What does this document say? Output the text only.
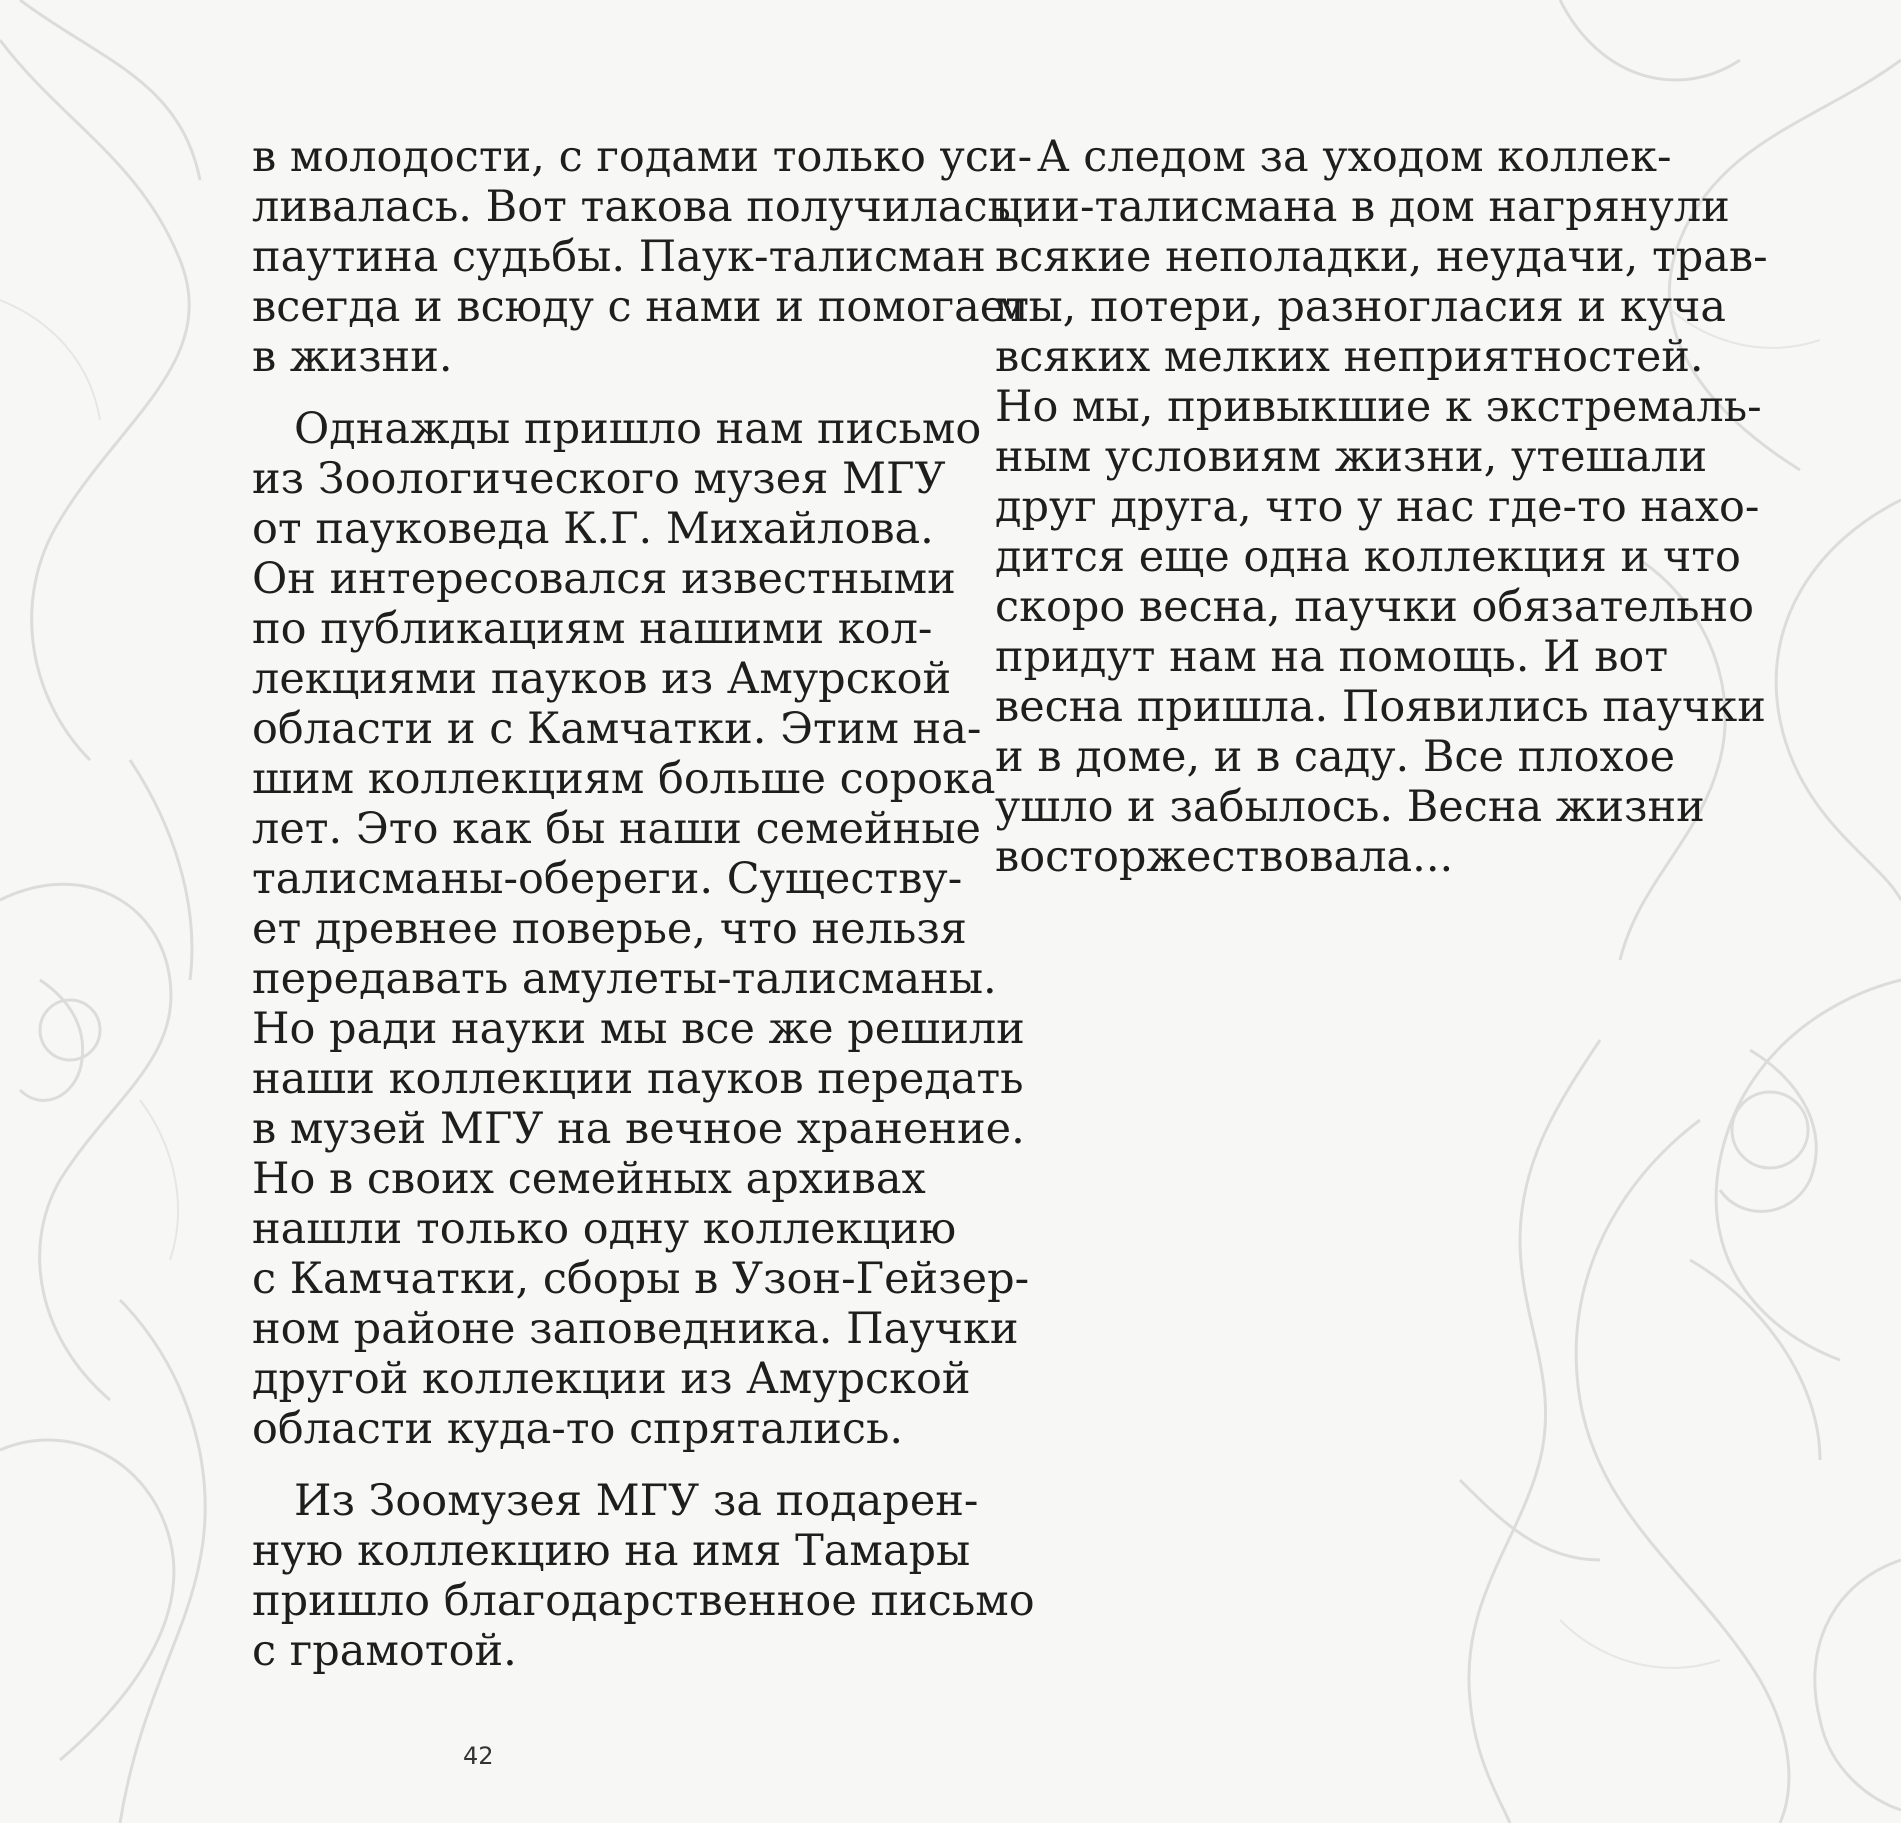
в молодости, с годами только уси-
ливалась. Вот такова получилась
паутина судьбы. Паук-талисман
всегда и всюду с нами и помогает
в жизни.
Однажды пришло нам письмо
из Зоологического музея МГУ
от пауковеда К.Г. Михайлова.
Он интересовался известными
по публикациям нашими кол-
лекциями пауков из Амурской
области и с Камчатки. Этим на-
шим коллекциям больше сорока
лет. Это как бы наши семейные
талисманы-обереги. Существу-
ет древнее поверье, что нельзя
передавать амулеты-талисманы.
Но ради науки мы все же решили
наши коллекции пауков передать
в музей МГУ на вечное хранение.
Но в своих семейных архивах
нашли только одну коллекцию
с Камчатки, сборы в Узон-Гейзер-
ном районе заповедника. Паучки
другой коллекции из Амурской
области куда-то спрятались.
Из Зоомузея МГУ за подарен-
ную коллекцию на имя Тамары
пришло благодарственное письмо
с грамотой.
А следом за уходом коллек-
ции-талисмана в дом нагрянули
всякие неполадки, неудачи, трав-
мы, потери, разногласия и куча
всяких мелких неприятностей.
Но мы, привыкшие к экстремаль-
ным условиям жизни, утешали
друг друга, что у нас где-то нахо-
дится еще одна коллекция и что
скоро весна, паучки обязательно
придут нам на помощь. И вот
весна пришла. Появились паучки
и в доме, и в саду. Все плохое
ушло и забылось. Весна жизни
восторжествовала...
42
